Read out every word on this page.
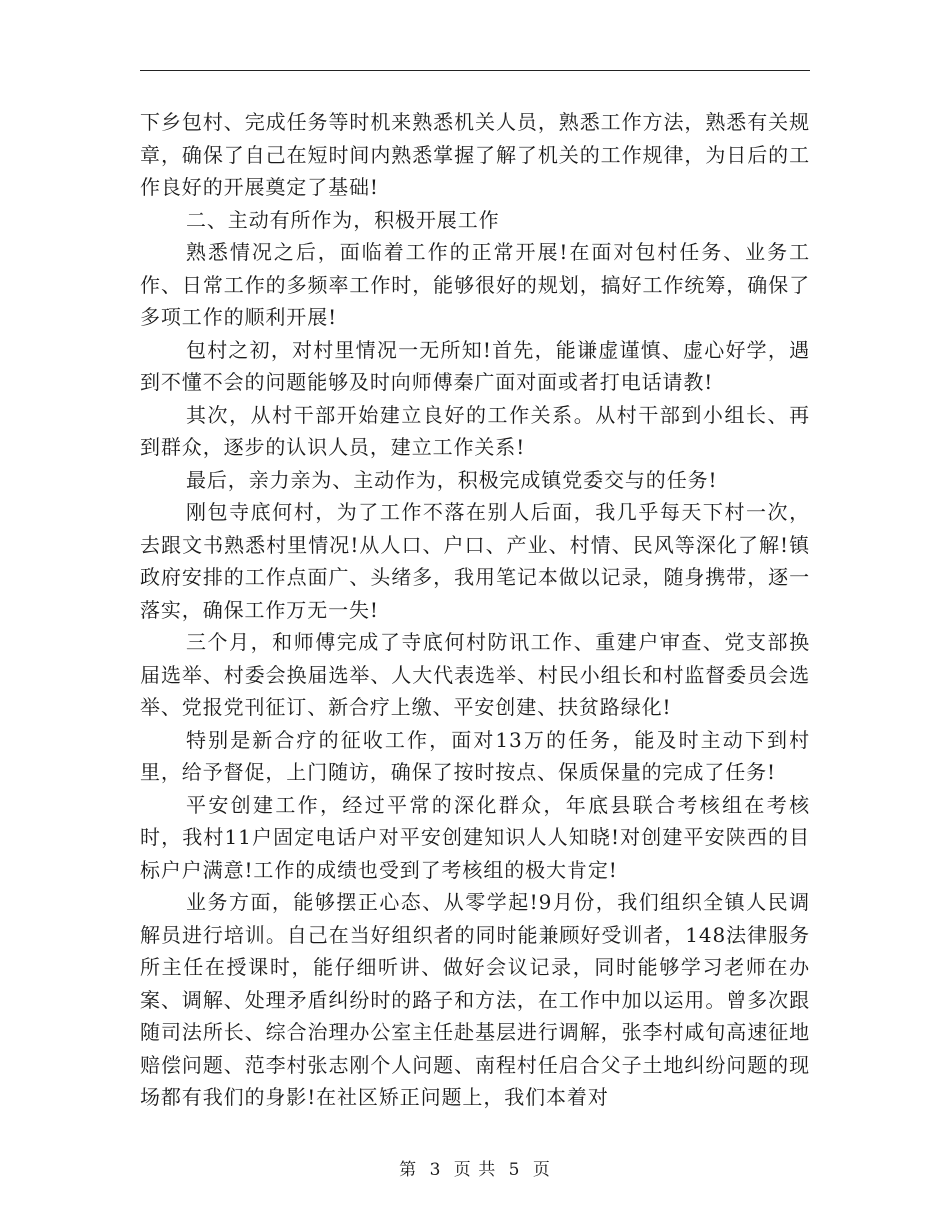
下乡包村、完成任务等时机来熟悉机关人员，熟悉工作方法，熟悉有关规章，确保了自己在短时间内熟悉掌握了解了机关的工作规律，为日后的工作良好的开展奠定了基础!

二、主动有所作为，积极开展工作

熟悉情况之后，面临着工作的正常开展!在面对包村任务、业务工作、日常工作的多频率工作时，能够很好的规划，搞好工作统筹，确保了多项工作的顺利开展!

包村之初，对村里情况一无所知!首先，能谦虚谨慎、虚心好学，遇到不懂不会的问题能够及时向师傅秦广面对面或者打电话请教!

其次，从村干部开始建立良好的工作关系。从村干部到小组长、再到群众，逐步的认识人员，建立工作关系!

最后，亲力亲为、主动作为，积极完成镇党委交与的任务!

刚包寺底何村，为了工作不落在别人后面，我几乎每天下村一次，去跟文书熟悉村里情况!从人口、户口、产业、村情、民风等深化了解!镇政府安排的工作点面广、头绪多，我用笔记本做以记录，随身携带，逐一落实，确保工作万无一失!

三个月，和师傅完成了寺底何村防讯工作、重建户审查、党支部换届选举、村委会换届选举、人大代表选举、村民小组长和村监督委员会选举、党报党刊征订、新合疗上缴、平安创建、扶贫路绿化!

特别是新合疗的征收工作，面对13万的任务，能及时主动下到村里，给予督促，上门随访，确保了按时按点、保质保量的完成了任务!

平安创建工作，经过平常的深化群众，年底县联合考核组在考核时，我村11户固定电话户对平安创建知识人人知晓!对创建平安陕西的目标户户满意!工作的成绩也受到了考核组的极大肯定!

业务方面，能够摆正心态、从零学起!9月份，我们组织全镇人民调解员进行培训。自己在当好组织者的同时能兼顾好受训者，148法律服务所主任在授课时，能仔细听讲、做好会议记录，同时能够学习老师在办案、调解、处理矛盾纠纷时的路子和方法，在工作中加以运用。曾多次跟随司法所长、综合治理办公室主任赴基层进行调解，张李村咸旬高速征地赔偿问题、范李村张志刚个人问题、南程村任启合父子土地纠纷问题的现场都有我们的身影!在社区矫正问题上，我们本着对

第 3 页 共 5 页
